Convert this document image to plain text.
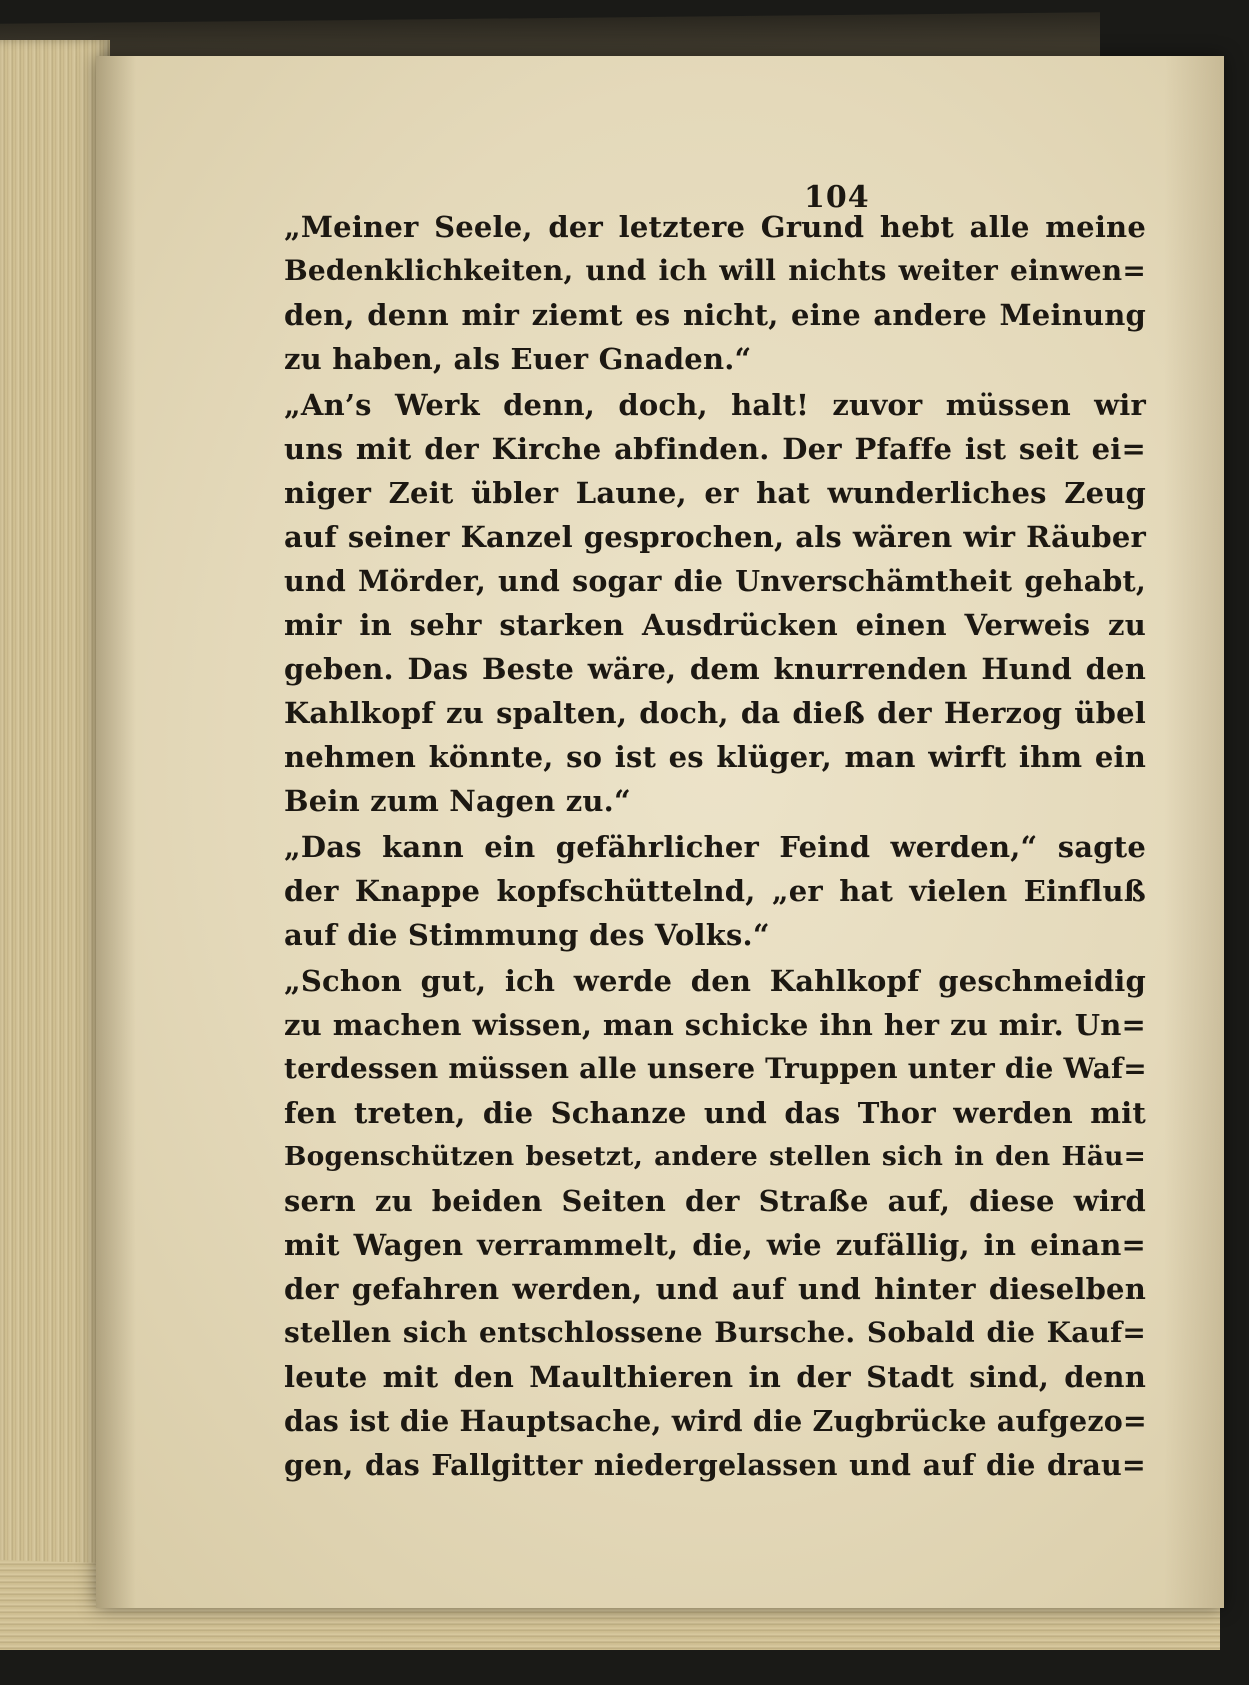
104
„Meiner Seele, der letztere Grund hebt alle meine
Bedenklichkeiten, und ich will nichts weiter einwen=
den, denn mir ziemt es nicht, eine andere Meinung
zu haben, als Euer Gnaden.“
„An’s Werk denn, doch, halt! zuvor müssen wir
uns mit der Kirche abfinden. Der Pfaffe ist seit ei=
niger Zeit übler Laune, er hat wunderliches Zeug
auf seiner Kanzel gesprochen, als wären wir Räuber
und Mörder, und sogar die Unverschämtheit gehabt,
mir in sehr starken Ausdrücken einen Verweis zu
geben. Das Beste wäre, dem knurrenden Hund den
Kahlkopf zu spalten, doch, da dieß der Herzog übel
nehmen könnte, so ist es klüger, man wirft ihm ein
Bein zum Nagen zu.“
„Das kann ein gefährlicher Feind werden,“ sagte
der Knappe kopfschüttelnd, „er hat vielen Einfluß
auf die Stimmung des Volks.“
„Schon gut, ich werde den Kahlkopf geschmeidig
zu machen wissen, man schicke ihn her zu mir. Un=
terdessen müssen alle unsere Truppen unter die Waf=
fen treten, die Schanze und das Thor werden mit
Bogenschützen besetzt, andere stellen sich in den Häu=
sern zu beiden Seiten der Straße auf, diese wird
mit Wagen verrammelt, die, wie zufällig, in einan=
der gefahren werden, und auf und hinter dieselben
stellen sich entschlossene Bursche. Sobald die Kauf=
leute mit den Maulthieren in der Stadt sind, denn
das ist die Hauptsache, wird die Zugbrücke aufgezo=
gen, das Fallgitter niedergelassen und auf die drau=
